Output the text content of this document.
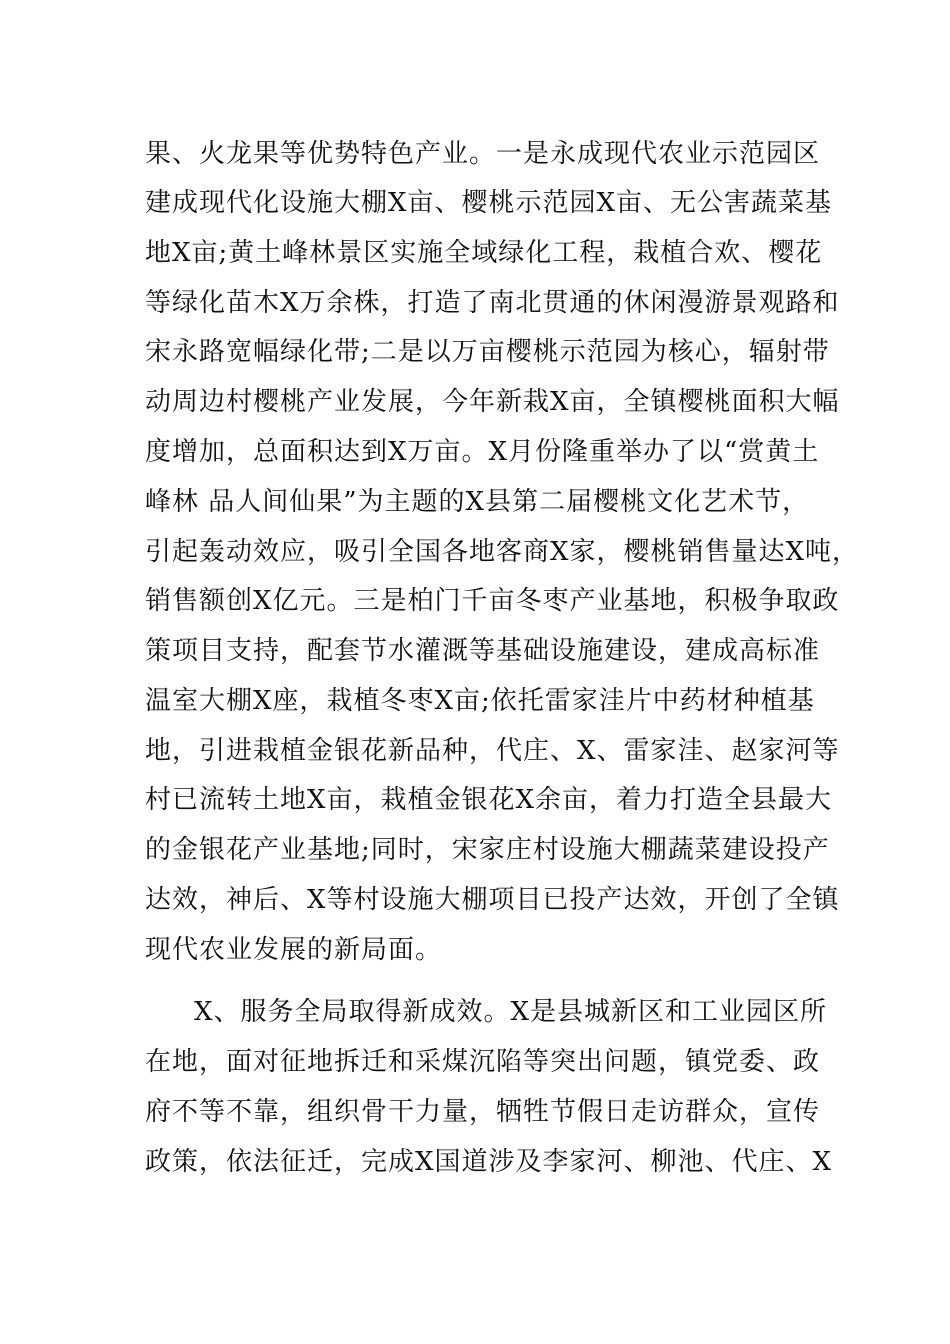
果、火龙果等优势特色产业。一是永成现代农业示范园区
建成现代化设施大棚X亩、樱桃示范园X亩、无公害蔬菜基
地X亩;黄土峰林景区实施全域绿化工程，栽植合欢、樱花
等绿化苗木X万余株，打造了南北贯通的休闲漫游景观路和
宋永路宽幅绿化带;二是以万亩樱桃示范园为核心，辐射带
动周边村樱桃产业发展，今年新栽X亩，全镇樱桃面积大幅
度增加，总面积达到X万亩。X月份隆重举办了以“赏黄土
峰林 品人间仙果”为主题的X县第二届樱桃文化艺术节，
引起轰动效应，吸引全国各地客商X家，樱桃销售量达X吨，
销售额创X亿元。三是柏门千亩冬枣产业基地，积极争取政
策项目支持，配套节水灌溉等基础设施建设，建成高标准
温室大棚X座，栽植冬枣X亩;依托雷家洼片中药材种植基
地，引进栽植金银花新品种，代庄、X、雷家洼、赵家河等
村已流转土地X亩，栽植金银花X余亩，着力打造全县最大
的金银花产业基地;同时，宋家庄村设施大棚蔬菜建设投产
达效，神后、X等村设施大棚项目已投产达效，开创了全镇
现代农业发展的新局面。
X、服务全局取得新成效。X是县城新区和工业园区所
在地，面对征地拆迁和采煤沉陷等突出问题，镇党委、政
府不等不靠，组织骨干力量，牺牲节假日走访群众，宣传
政策，依法征迁，完成X国道涉及李家河、柳池、代庄、X
